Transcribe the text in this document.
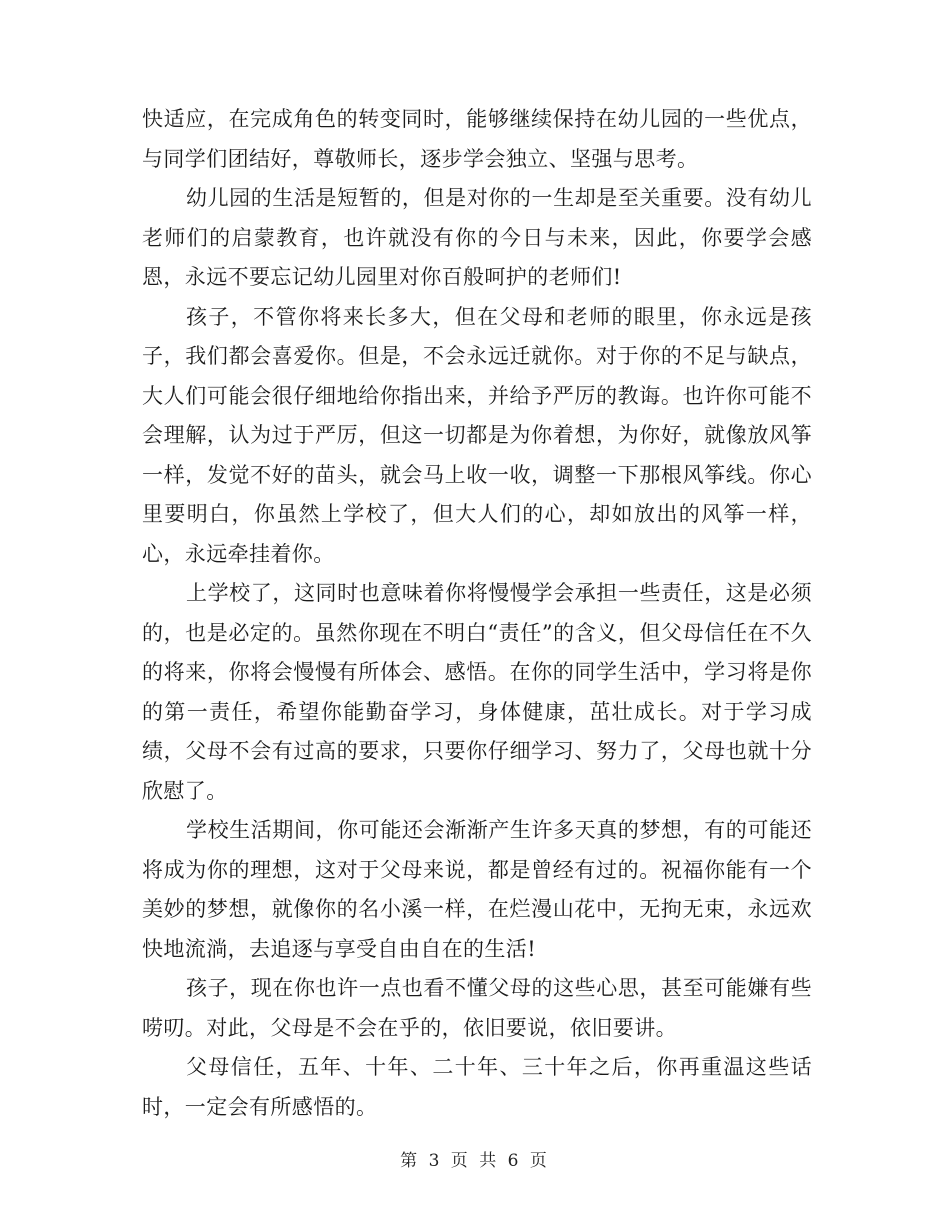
快适应，在完成角色的转变同时，能够继续保持在幼儿园的一些优点，与同学们团结好，尊敬师长，逐步学会独立、坚强与思考。

幼儿园的生活是短暂的，但是对你的一生却是至关重要。没有幼儿老师们的启蒙教育，也许就没有你的今日与未来，因此，你要学会感恩，永远不要忘记幼儿园里对你百般呵护的老师们!

孩子，不管你将来长多大，但在父母和老师的眼里，你永远是孩子，我们都会喜爱你。但是，不会永远迁就你。对于你的不足与缺点，大人们可能会很仔细地给你指出来，并给予严厉的教诲。也许你可能不会理解，认为过于严厉，但这一切都是为你着想，为你好，就像放风筝一样，发觉不好的苗头，就会马上收一收，调整一下那根风筝线。你心里要明白，你虽然上学校了，但大人们的心，却如放出的风筝一样，心，永远牵挂着你。

上学校了，这同时也意味着你将慢慢学会承担一些责任，这是必须的，也是必定的。虽然你现在不明白“责任”的含义，但父母信任在不久的将来，你将会慢慢有所体会、感悟。在你的同学生活中，学习将是你的第一责任，希望你能勤奋学习，身体健康，茁壮成长。对于学习成绩，父母不会有过高的要求，只要你仔细学习、努力了，父母也就十分欣慰了。

学校生活期间，你可能还会渐渐产生许多天真的梦想，有的可能还将成为你的理想，这对于父母来说，都是曾经有过的。祝福你能有一个美妙的梦想，就像你的名小溪一样，在烂漫山花中，无拘无束，永远欢快地流淌，去追逐与享受自由自在的生活!

孩子，现在你也许一点也看不懂父母的这些心思，甚至可能嫌有些唠叨。对此，父母是不会在乎的，依旧要说，依旧要讲。

父母信任，五年、十年、二十年、三十年之后，你再重温这些话时，一定会有所感悟的。

第 3 页 共 6 页
